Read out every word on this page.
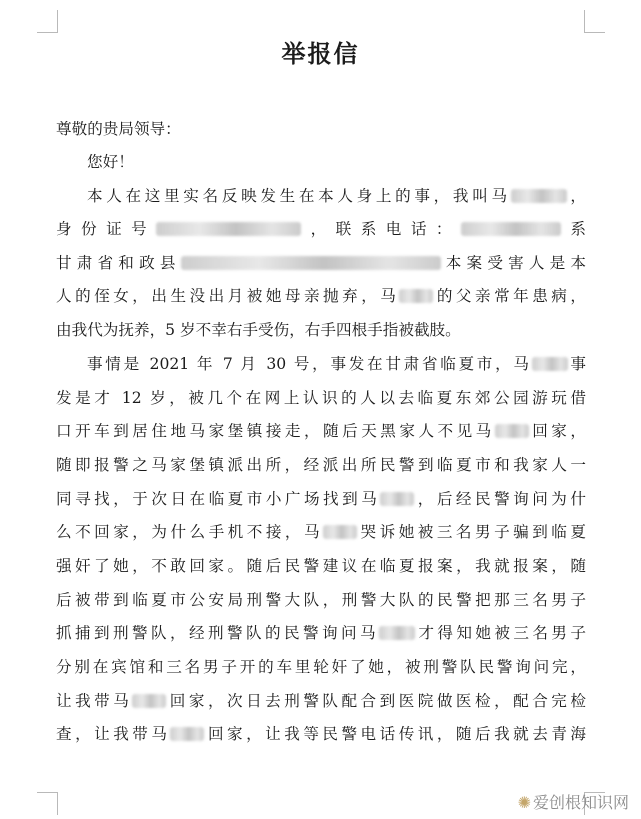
举报信
尊敬的贵局领导：
您好！
本人在这里实名反映发生在本人身上的事，我叫马	，
身份证号	，联系电话：	系
甘肃省和政县	本案受害人是本
人的侄女，出生没出月被她母亲抛弃，马 的父亲常年患病，
由我代为抚养，5 岁不幸右手受伤，右手四根手指被截肢。
事情是 2021 年 7 月 30 号，事发在甘肃省临夏市，马 事
发是才 12 岁，被几个在网上认识的人以去临夏东郊公园游玩借
口开车到居住地马家堡镇接走，随后天黑家人不见马 回家，
随即报警之马家堡镇派出所，经派出所民警到临夏市和我家人一
同寻找，于次日在临夏市小广场找到马 ，后经民警询问为什
么不回家，为什么手机不接，马 哭诉她被三名男子骗到临夏
强奸了她，不敢回家。随后民警建议在临夏报案，我就报案，随
后被带到临夏市公安局刑警大队，刑警大队的民警把那三名男子
抓捕到刑警队，经刑警队的民警询问马 才得知她被三名男子
分别在宾馆和三名男子开的车里轮奸了她，被刑警队民警询问完，
让我带马 回家，次日去刑警队配合到医院做医检，配合完检
查，让我带马 回家，让我等民警电话传讯，随后我就去青海
✺ 爱创根知识网
